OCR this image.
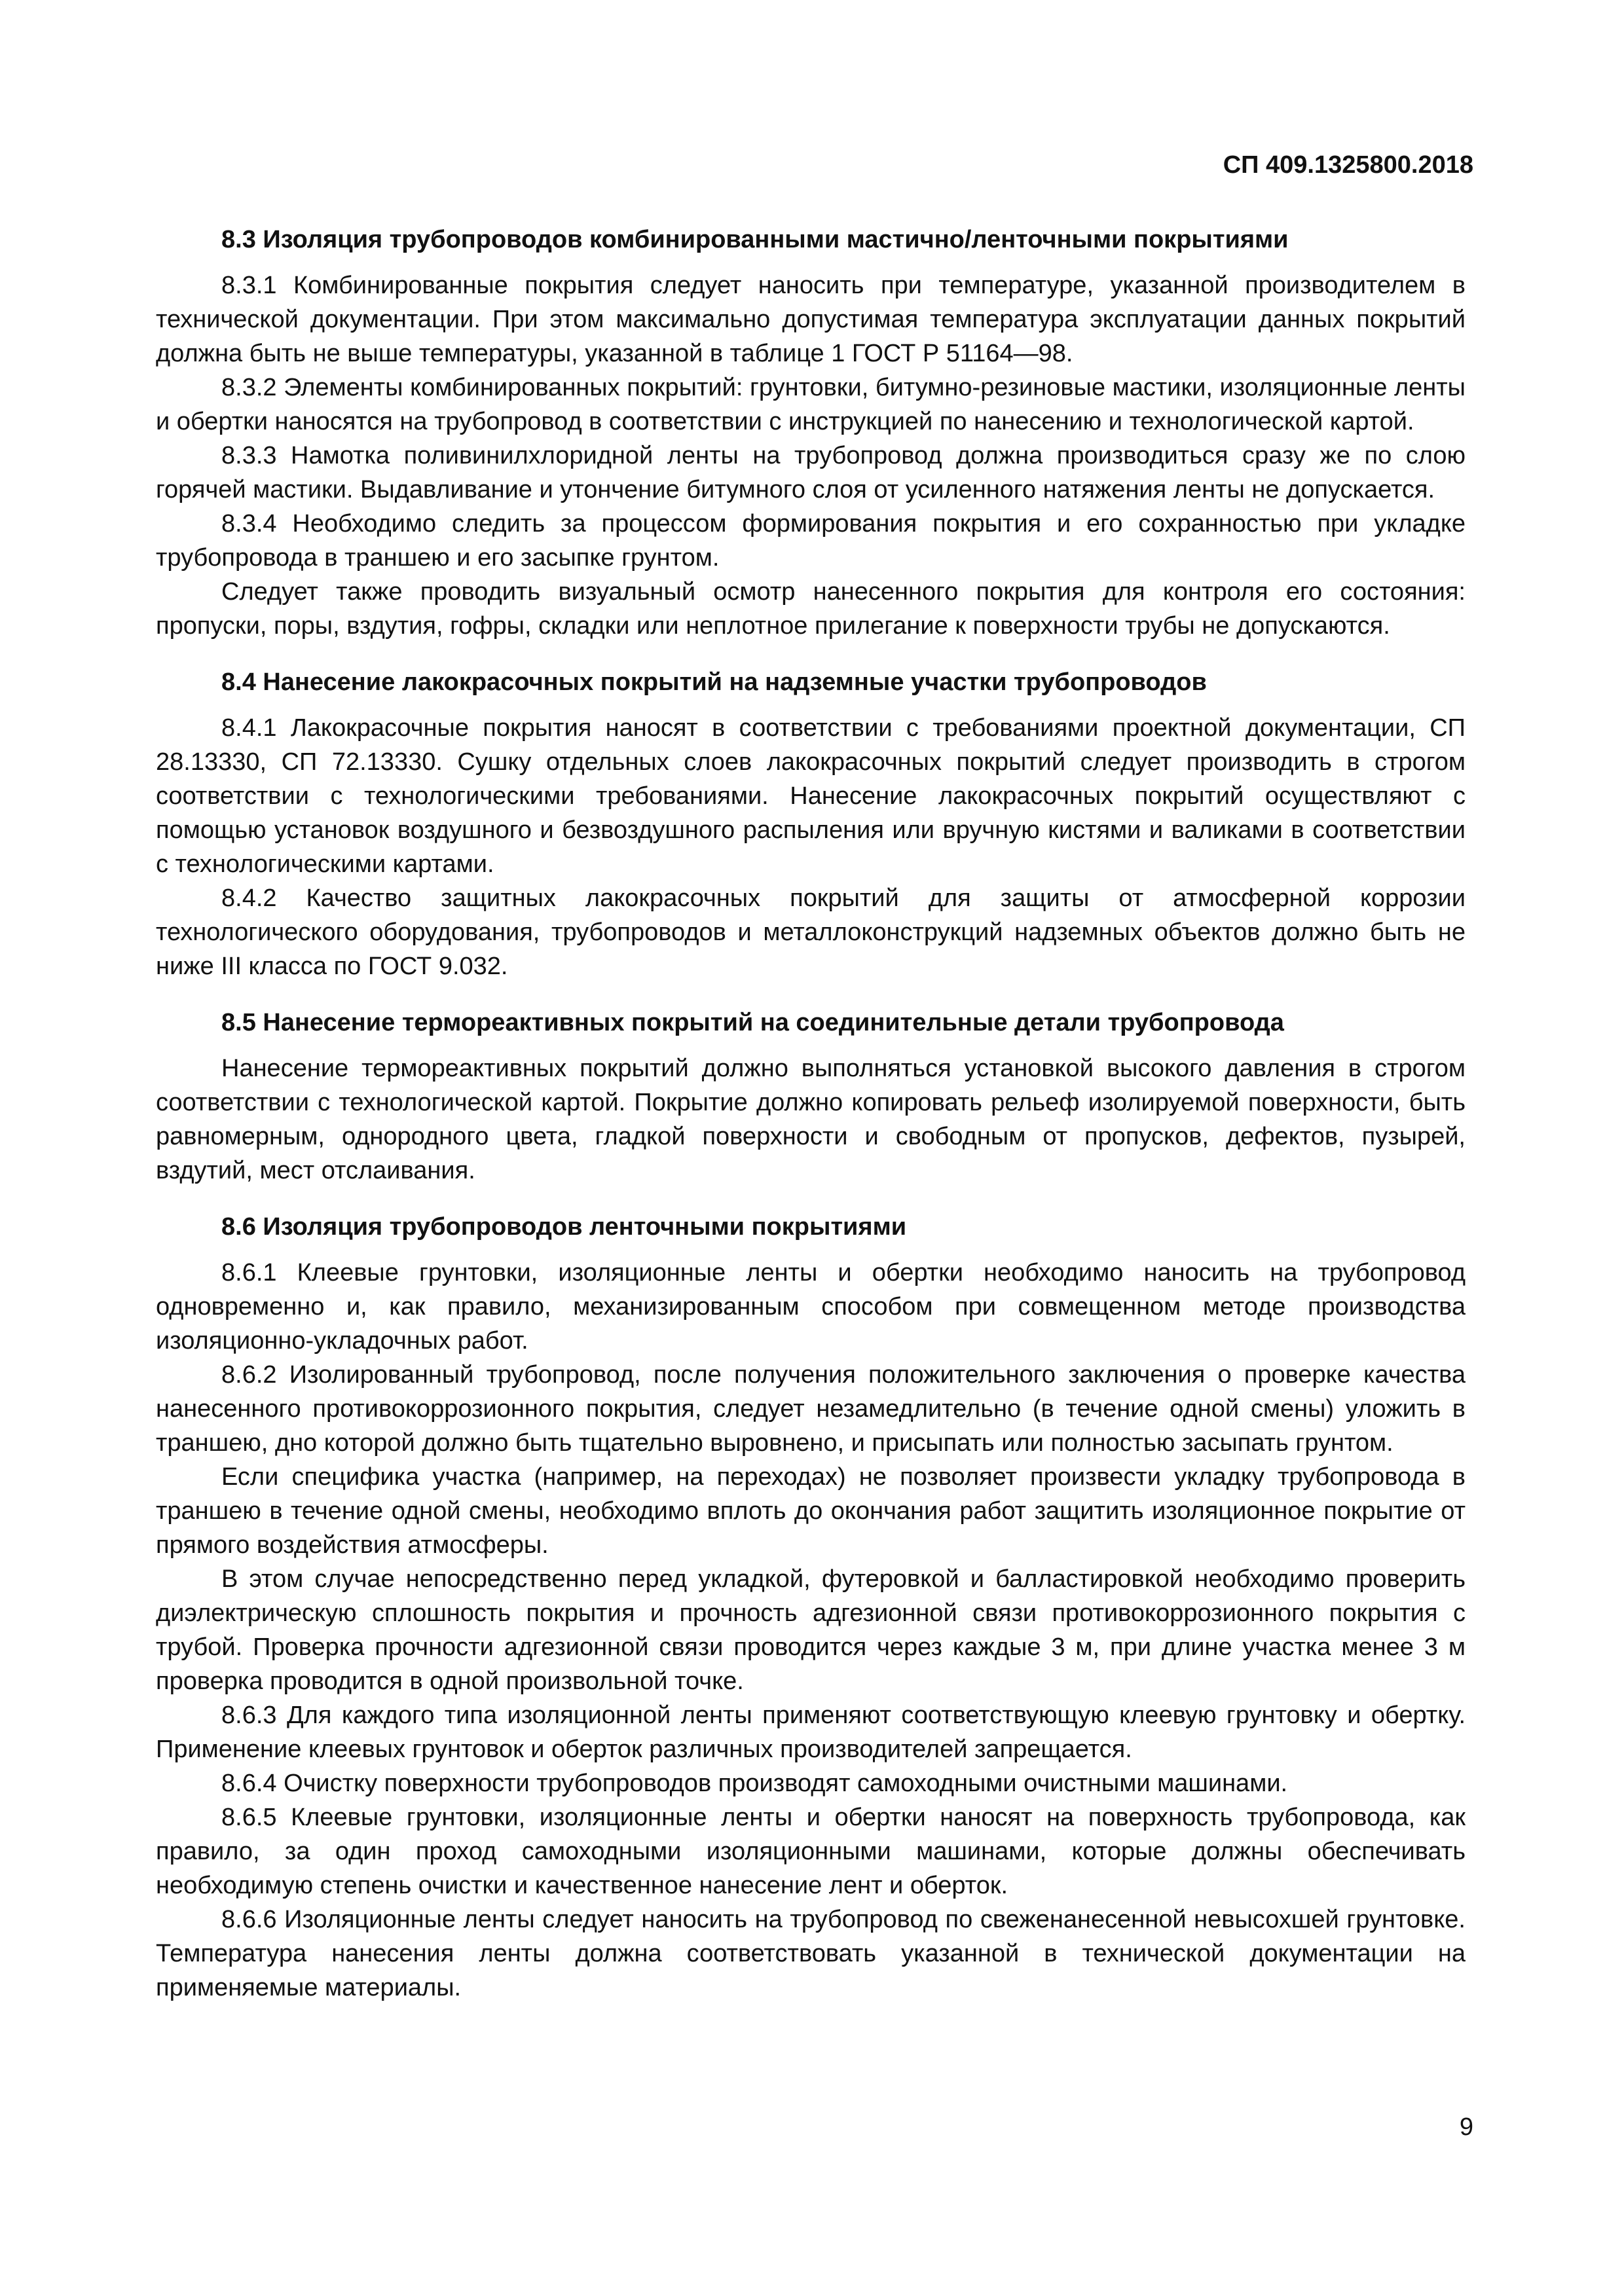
СП 409.1325800.2018
8.3 Изоляция трубопроводов комбинированными мастично/ленточными покрытиями

8.3.1 Комбинированные покрытия следует наносить при температуре, указанной производителем в технической документации. При этом максимально допустимая температура эксплуатации данных покрытий должна быть не выше температуры, указанной в таблице 1 ГОСТ Р 51164—98.

8.3.2 Элементы комбинированных покрытий: грунтовки, битумно-резиновые мастики, изоляционные ленты и обертки наносятся на трубопровод в соответствии с инструкцией по нанесению и технологической картой.

8.3.3 Намотка поливинилхлоридной ленты на трубопровод должна производиться сразу же по слою горячей мастики. Выдавливание и утончение битумного слоя от усиленного натяжения ленты не допускается.

8.3.4 Необходимо следить за процессом формирования покрытия и его сохранностью при укладке трубопровода в траншею и его засыпке грунтом.

Следует также проводить визуальный осмотр нанесенного покрытия для контроля его состояния: пропуски, поры, вздутия, гофры, складки или неплотное прилегание к поверхности трубы не допускаются.

8.4 Нанесение лакокрасочных покрытий на надземные участки трубопроводов

8.4.1 Лакокрасочные покрытия наносят в соответствии с требованиями проектной документации, СП 28.13330, СП 72.13330. Сушку отдельных слоев лакокрасочных покрытий следует производить в строгом соответствии с технологическими требованиями. Нанесение лакокрасочных покрытий осуществляют с помощью установок воздушного и безвоздушного распыления или вручную кистями и валиками в соответствии с технологическими картами.

8.4.2 Качество защитных лакокрасочных покрытий для защиты от атмосферной коррозии технологического оборудования, трубопроводов и металлоконструкций надземных объектов должно быть не ниже III класса по ГОСТ 9.032.

8.5 Нанесение термореактивных покрытий на соединительные детали трубопровода

Нанесение термореактивных покрытий должно выполняться установкой высокого давления в строгом соответствии с технологической картой. Покрытие должно копировать рельеф изолируемой поверхности, быть равномерным, однородного цвета, гладкой поверхности и свободным от пропусков, дефектов, пузырей, вздутий, мест отслаивания.

8.6 Изоляция трубопроводов ленточными покрытиями

8.6.1 Клеевые грунтовки, изоляционные ленты и обертки необходимо наносить на трубопровод одновременно и, как правило, механизированным способом при совмещенном методе производства изоляционно-укладочных работ.

8.6.2 Изолированный трубопровод, после получения положительного заключения о проверке качества нанесенного противокоррозионного покрытия, следует незамедлительно (в течение одной смены) уложить в траншею, дно которой должно быть тщательно выровнено, и присыпать или полностью засыпать грунтом.

Если специфика участка (например, на переходах) не позволяет произвести укладку трубопровода в траншею в течение одной смены, необходимо вплоть до окончания работ защитить изоляционное покрытие от прямого воздействия атмосферы.

В этом случае непосредственно перед укладкой, футеровкой и балластировкой необходимо проверить диэлектрическую сплошность покрытия и прочность адгезионной связи противокоррозионного покрытия с трубой. Проверка прочности адгезионной связи проводится через каждые 3 м, при длине участка менее 3 м проверка проводится в одной произвольной точке.

8.6.3 Для каждого типа изоляционной ленты применяют соответствующую клеевую грунтовку и обертку. Применение клеевых грунтовок и оберток различных производителей запрещается.

8.6.4 Очистку поверхности трубопроводов производят самоходными очистными машинами.

8.6.5 Клеевые грунтовки, изоляционные ленты и обертки наносят на поверхность трубопровода, как правило, за один проход самоходными изоляционными машинами, которые должны обеспечивать необходимую степень очистки и качественное нанесение лент и оберток.

8.6.6 Изоляционные ленты следует наносить на трубопровод по свеженанесенной невысохшей грунтовке. Температура нанесения ленты должна соответствовать указанной в технической документации на применяемые материалы.

9
